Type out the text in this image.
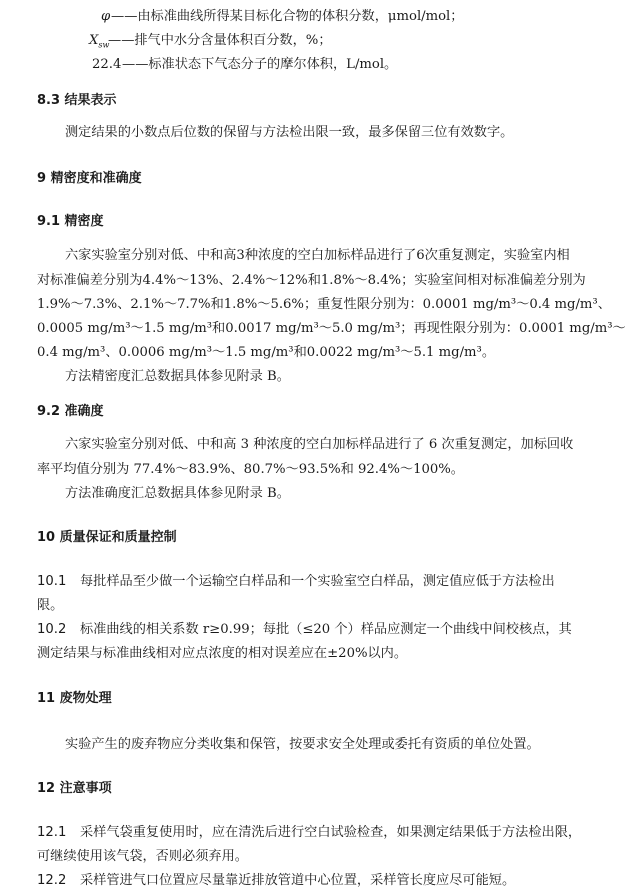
φ ——由标准曲线所得某目标化合物的体积分数，μmol/mol；
$X_{sw}$
——排气中水分含量体积百分数，%；
22.4 ——标准状态下气态分子的摩尔体积，L/mol。
8.3 结果表示
测定结果的小数点后位数的保留与方法检出限一致，最多保留三位有效数字。
9 精密度和准确度
9.1 精密度
六家实验室分别对低、中和高3种浓度的空白加标样品进行了6次重复测定，实验室内相
对标准偏差分别为4.4%～13%、2.4%～12%和1.8%～8.4%；实验室间相对标准偏差分别为
1.9%～7.3%、2.1%～7.7%和1.8%～5.6%；重复性限分别为：0.0001 mg/m³～0.4 mg/m³、
0.0005 mg/m³～1.5 mg/m³和0.0017 mg/m³～5.0 mg/m³；再现性限分别为：0.0001 mg/m³～
0.4 mg/m³、0.0006 mg/m³～1.5 mg/m³和0.0022 mg/m³～5.1 mg/m³。
方法精密度汇总数据具体参见附录 B。
9.2 准确度
六家实验室分别对低、中和高 3 种浓度的空白加标样品进行了 6 次重复测定，加标回收
率平均值分别为 77.4%～83.9%、80.7%～93.5%和 92.4%～100%。
方法准确度汇总数据具体参见附录 B。
10 质量保证和质量控制
10.1 每批样品至少做一个运输空白样品和一个实验室空白样品，测定值应低于方法检出
限。
10.2 标准曲线的相关系数 r≥0.99；每批（≤20 个）样品应测定一个曲线中间校核点，其
测定结果与标准曲线相对应点浓度的相对误差应在±20%以内。
11 废物处理
实验产生的废弃物应分类收集和保管，按要求安全处理或委托有资质的单位处置。
12 注意事项
12.1 采样气袋重复使用时，应在清洗后进行空白试验检查，如果测定结果低于方法检出限，
可继续使用该气袋，否则必须弃用。
12.2 采样管进气口位置应尽量靠近排放管道中心位置，采样管长度应尽可能短。
